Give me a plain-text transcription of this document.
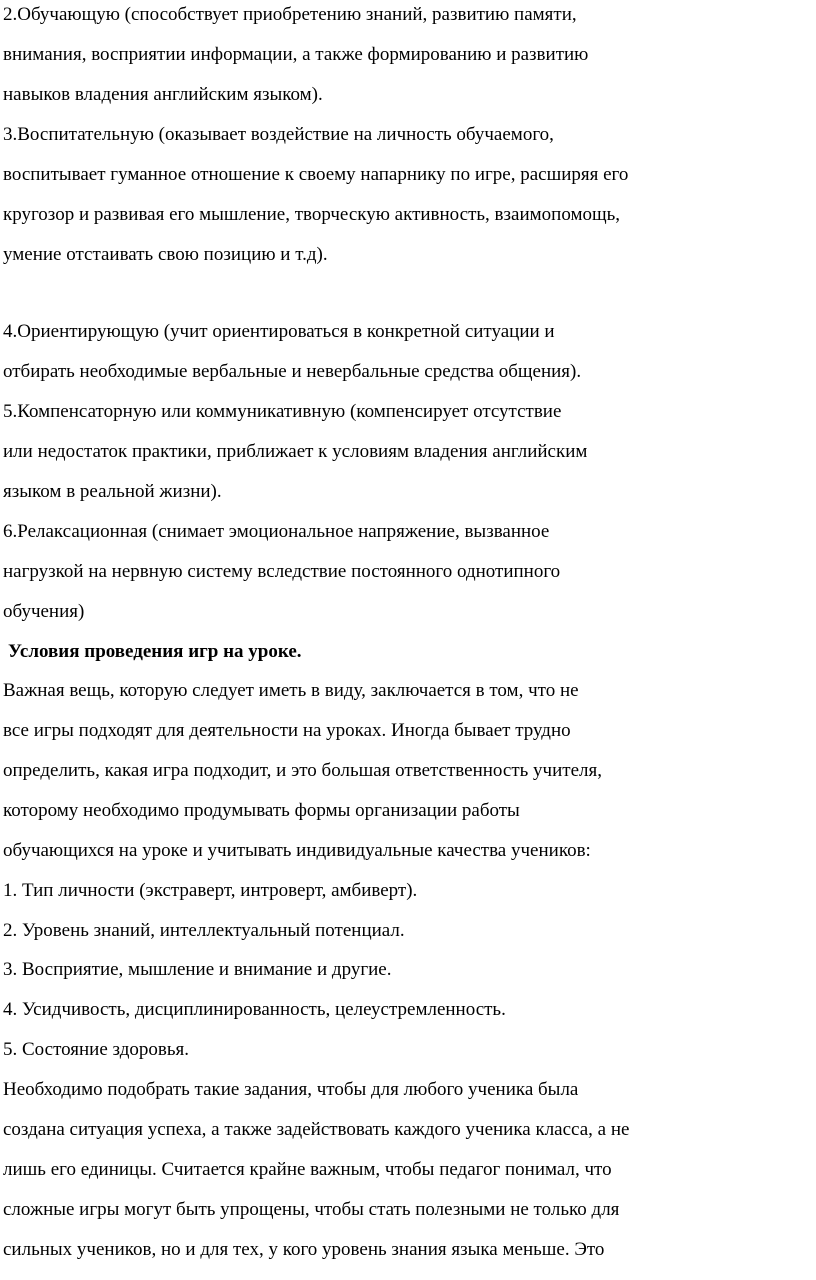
2.Обучающую (способствует приобретению знаний, развитию памяти,

внимания, восприятии информации, а также формированию и развитию

навыков владения английским языком).

3.Воспитательную (оказывает воздействие на личность обучаемого,

воспитывает гуманное отношение к своему напарнику по игре, расширяя его

кругозор и развивая его мышление, творческую активность, взаимопомощь,

умение отстаивать свою позицию и т.д).

4.Ориентирующую (учит ориентироваться в конкретной ситуации и

отбирать необходимые вербальные и невербальные средства общения).

5.Компенсаторную или коммуникативную (компенсирует отсутствие

или недостаток практики, приближает к условиям владения английским

языком в реальной жизни).

6.Релаксационная (снимает эмоциональное напряжение, вызванное

нагрузкой на нервную систему вследствие постоянного однотипного

обучения)

Условия проведения игр на уроке.

Важная вещь, которую следует иметь в виду, заключается в том, что не

все игры подходят для деятельности на уроках. Иногда бывает трудно

определить, какая игра подходит, и это большая ответственность учителя,

которому необходимо продумывать формы организации работы

обучающихся на уроке и учитывать индивидуальные качества учеников:

1. Тип личности (экстраверт, интроверт, амбиверт).

2. Уровень знаний, интеллектуальный потенциал.

3. Восприятие, мышление и внимание и другие.

4. Усидчивость, дисциплинированность, целеустремленность.

5. Состояние здоровья.

Необходимо подобрать такие задания, чтобы для любого ученика была

создана ситуация успеха, а также задействовать каждого ученика класса, а не

лишь его единицы. Считается крайне важным, чтобы педагог понимал, что

сложные игры могут быть упрощены, чтобы стать полезными не только для

сильных учеников, но и для тех, у кого уровень знания языка меньше. Это
